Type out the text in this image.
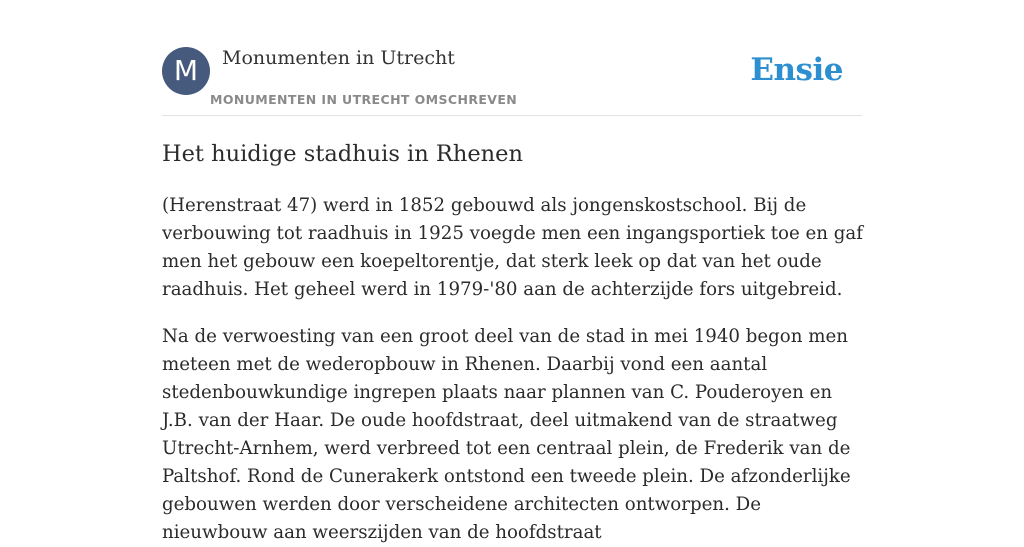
M	Monumenten in Utrecht
MONUMENTEN IN UTRECHT OMSCHREVEN
Ensie
Het huidige stadhuis in Rhenen

(Herenstraat 47) werd in 1852 gebouwd als jongenskostschool. Bij de verbouwing tot raadhuis in 1925 voegde men een ingangsportiek toe en gaf men het gebouw een koepeltorentje, dat sterk leek op dat van het oude raadhuis. Het geheel werd in 1979-'80 aan de achterzijde fors uitgebreid.

Na de verwoesting van een groot deel van de stad in mei 1940 begon men meteen met de wederopbouw in Rhenen. Daarbij vond een aantal stedenbouwkundige ingrepen plaats naar plannen van C. Pouderoyen en J.B. van der Haar. De oude hoofdstraat, deel uitmakend van de straatweg Utrecht-Arnhem, werd verbreed tot een centraal plein, de Frederik van de Paltshof. Rond de Cunerakerk ontstond een tweede plein. De afzonderlijke gebouwen werden door verscheidene architecten ontworpen. De nieuwbouw aan weerszijden van de hoofdstraat
